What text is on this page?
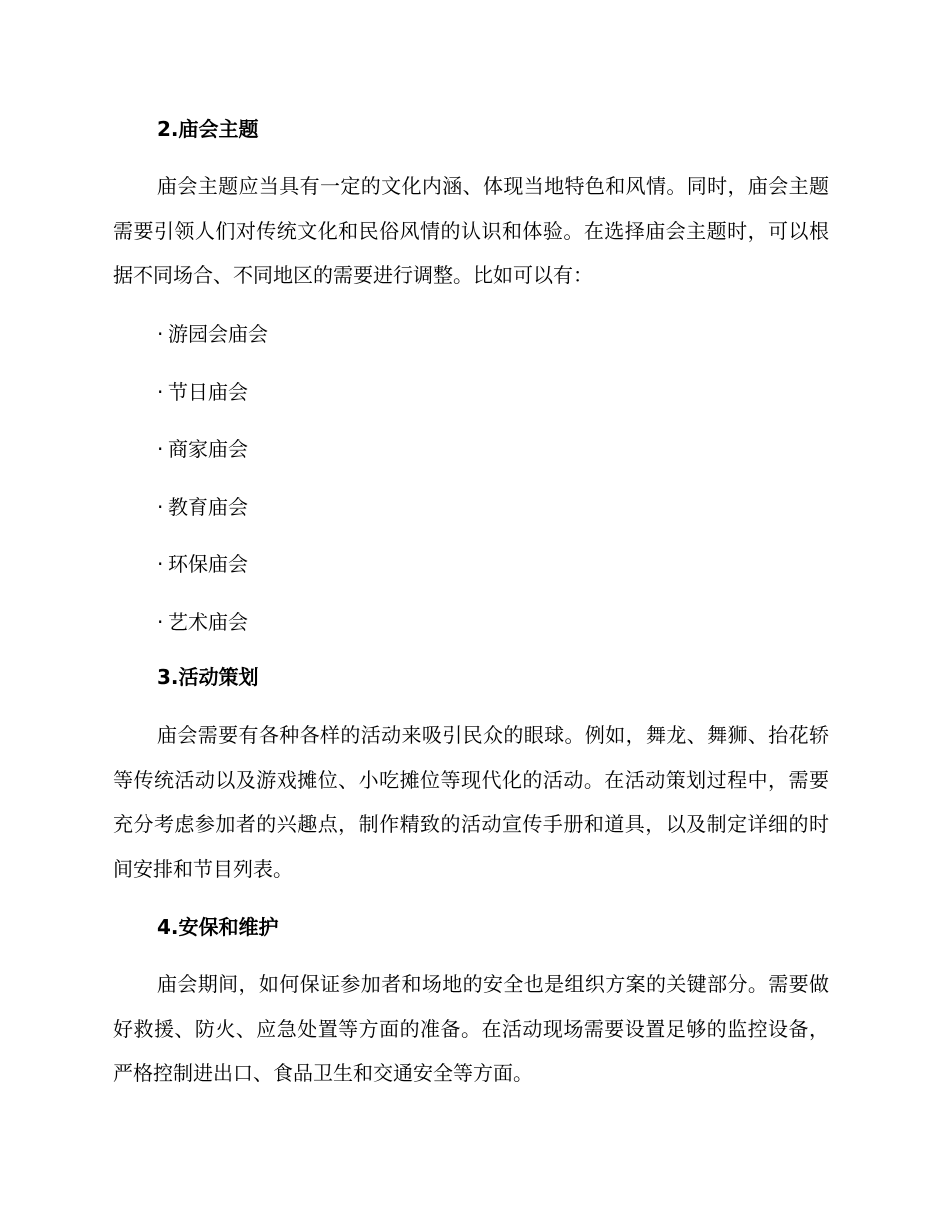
2.庙会主题

庙会主题应当具有一定的文化内涵、体现当地特色和风情。同时，庙会主题需要引领人们对传统文化和民俗风情的认识和体验。在选择庙会主题时，可以根据不同场合、不同地区的需要进行调整。比如可以有：

· 游园会庙会
· 节日庙会
· 商家庙会
· 教育庙会
· 环保庙会
· 艺术庙会
3.活动策划

庙会需要有各种各样的活动来吸引民众的眼球。例如，舞龙、舞狮、抬花轿等传统活动以及游戏摊位、小吃摊位等现代化的活动。在活动策划过程中，需要充分考虑参加者的兴趣点，制作精致的活动宣传手册和道具，以及制定详细的时间安排和节目列表。

4.安保和维护

庙会期间，如何保证参加者和场地的安全也是组织方案的关键部分。需要做好救援、防火、应急处置等方面的准备。在活动现场需要设置足够的监控设备，严格控制进出口、食品卫生和交通安全等方面。
